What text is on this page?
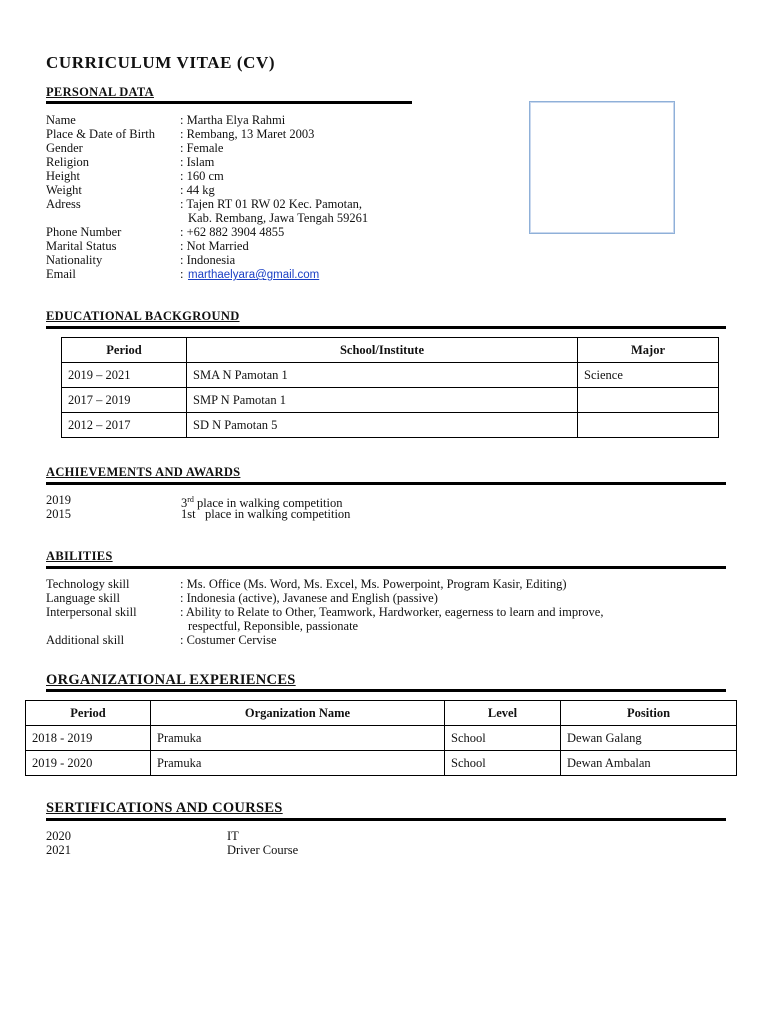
CURRICULUM VITAE (CV)
PERSONAL DATA
Name	: Martha Elya Rahmi
Place & Date of Birth : Rembang, 13 Maret 2003
Gender	: Female
Religion	: Islam
Height	: 160 cm
Weight	: 44 kg
Adress	: Tajen RT 01 RW 02 Kec. Pamotan,
Kab. Rembang, Jawa Tengah 59261
Phone Number	: +62 882 3904 4855
Marital Status	: Not Married
Nationality	: Indonesia
Email	: marthaelyara@gmail.com
EDUCATIONAL BACKGROUND
Period	School/Institute	Major
2019 – 2021	SMA N Pamotan 1	Science
2017 – 2019	SMP N Pamotan 1	
2012 – 2017	SD N Pamotan 5	
ACHIEVEMENTS AND AWARDS
2019	3rd place in walking competition
2015	1st   place in walking competition
ABILITIES
Technology skill	: Ms. Office (Ms. Word, Ms. Excel, Ms. Powerpoint, Program Kasir, Editing)
Language skill	: Indonesia (active), Javanese and English (passive)
Interpersonal skill	: Ability to Relate to Other, Teamwork, Hardworker, eagerness to learn and improve,
respectful, Reponsible, passionate
Additional skill	: Costumer Cervise
ORGANIZATIONAL EXPERIENCES
Period	Organization Name	Level	Position
2018 - 2019	Pramuka	School	Dewan Galang
2019 - 2020	Pramuka	School	Dewan Ambalan
SERTIFICATIONS AND COURSES
2020	IT
2021	Driver Course
